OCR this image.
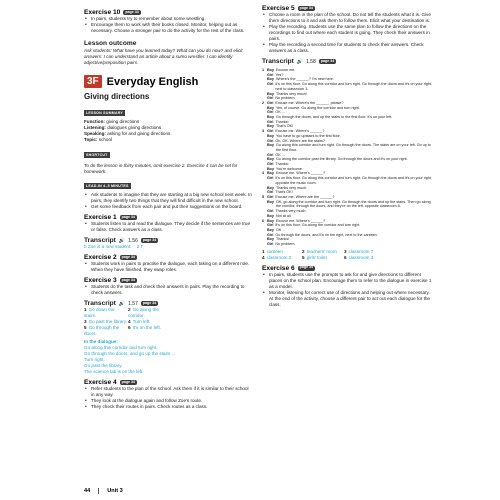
Exercise 10	page 33
•
In pairs, students try to remember about some wrestling.
•
Encourage them to work with their books closed. Monitor, helping out as necessary. Choose a stronger pair to do the activity for the rest of the class.
Lesson outcome
Ask students: What have you learned today? What can you do now? and elicit answers: I can understand an article about a sumo wrestler. I can identify adjective/preposition pairs.
3F Everyday English
Giving directions
LESSON SUMMARY
Function: giving directions
Listening: dialogues giving directions
Speaking: asking for and giving directions
Topic: school
SHORTCUT
To do the lesson in thirty minutes, omit exercise 2. Exercise 4 can be set for homework.
LEAD-IN 4–5 MINUTES
•
Ask students to imagine that they are starting at a big new school next week. In pairs, they identify two things that they will find difficult in the new school.
•
Get some feedback from each pair and put their suggestions on the board.
Exercise 1	page 34
•
Students listen to and read the dialogue. They decide if the sentences are true or false. Check answers as a class.
Transcript 🔊 1.56	page 34
b Zoe is a new student. 2 T
Exercise 2	page 34
•
Students work in pairs to practise the dialogue, each taking on a different role. When they have finished, they swap roles.
Exercise 3	page 34
•
Students do the task and check their answers in pairs. Play the recording to check answers.
Transcript 🔊 1.57	page 34
1 Go down the stairs.
2 Go along the corridor.
3 Go past the library. 4 Turn left.
5 Go through the doors.
6 It's on the left.
In the dialogue:
Go along this corridor and turn right.
Go through the doors, and go up the stairs ...
Turn right.
Go past the library.
The science lab is on the left.
Exercise 4	page 34
•
Refer students to the plan of the school. Ask them if it is similar to their school in any way.
•
They look at the dialogue again and follow Zoe's route.
•
They check their routes in pairs. Check routes as a class.
Exercise 5	page 34
•
Choose a room in the plan of the school. Do not tell the students what it is. Give them directions to it and ask them to follow them. Elicit what your destination is.
•
Play the recording. Students use the same plan to follow the directions on the recordings to find out where each student is going. They check their answers in pairs.
•
Play the recording a second time for students to check their answers. Check answers as a class.
Transcript 🔊 1.58	page 34
1 Boy Excuse me.
Girl Yes?
Boy Where's the ______? I'm new here.
Girl It's on this floor. Go along this corridor and turn right. Go through the doors and it's on your right, next to classroom 3.
Boy Thanks very much!
Girl No problem.
2 Girl Excuse me. Where's the ______, please?
Boy Yes, of course. Go along the corridor and turn right.
Girl OK ...
Boy Go through the doors, and up the stairs to the first floor. It's on your left.
Girl Thanks!
Boy That's OK!
3 Girl Excuse me. Where's ______?
Boy You have to go upstairs to the first floor.
Girl Oh, OK. Where are the stairs?
Boy Go along this corridor and turn right. Go through the doors. The stairs are on your left. Go up to the first floor.
Girl OK ...
Boy Go along the corridor past the library. Go through the doors and it's on your right.
Girl Thanks!
Boy You're welcome.
4 Boy Excuse me. Where's ______?
Girl It's on this floor. Go along this corridor and turn right. Go through the doors and it's on your right, opposite the music room.
Boy Thanks very much.
Girl That's OK!
5 Girl Excuse me. Where are the ______?
Boy OK, go along the corridor and turn right. Go through the doors and up the stairs. Then go along the corridor, through the doors, and they're on the left, opposite classroom 8.
Girl Thanks very much.
Boy Not at all.
6 Boy Excuse me. Where's ______?
Girl It's on this floor. Go along the corridor and turn right.
Boy OK ...
Girl Go through the doors, and it's on the right, next to the canteen.
Boy Thanks!
Girl No problem.
1 canteen	2 teachers' room	3 classroom 7
4 classroom 2	5 girls' toilet	6 classroom 3
Exercise 6	page 34
•
In pairs, students use the prompts to ask for and give directions to different places on the school plan. Encourage them to refer to the dialogue in exercise 1 as a model.
•
Monitor, listening for correct use of directions and helping out where necessary. At the end of the activity, choose a different pair to act out each dialogue for the class.
44	Unit 3
